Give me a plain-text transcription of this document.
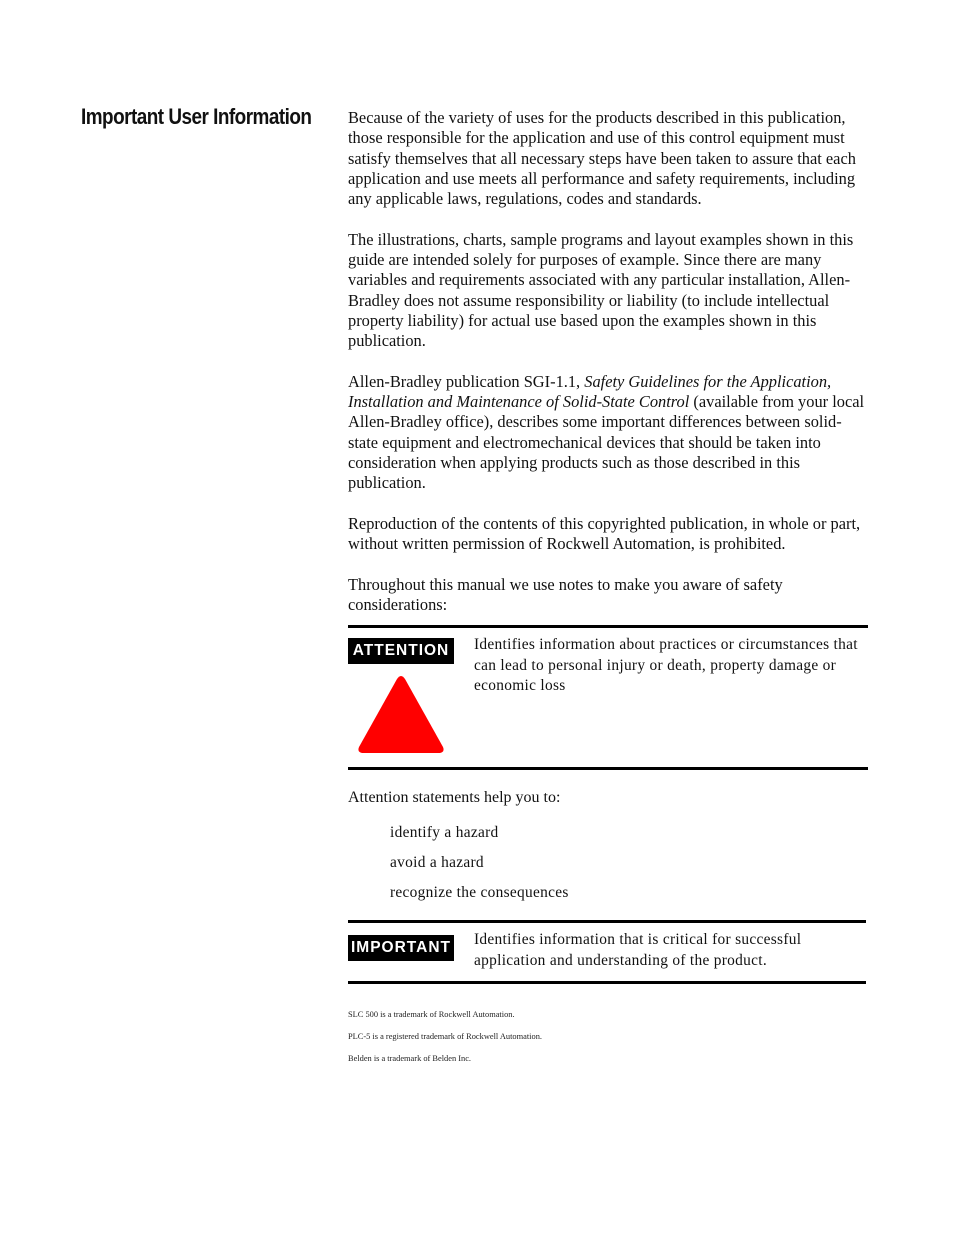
Important User Information Because of the variety of uses for the products described in this publication, those responsible for the application and use of this control equipment must satisfy themselves that all necessary steps have been taken to assure that each application and use meets all performance and safety requirements, including any applicable laws, regulations, codes and standards.

The illustrations, charts, sample programs and layout examples shown in this guide are intended solely for purposes of example. Since there are many variables and requirements associated with any particular installation, Allen-Bradley does not assume responsibility or liability (to include intellectual property liability) for actual use based upon the examples shown in this publication.

Allen-Bradley publication SGI-1.1, Safety Guidelines for the Application, Installation and Maintenance of Solid-State Control (available from your local Allen-Bradley office), describes some important differences between solid-state equipment and electromechanical devices that should be taken into consideration when applying products such as those described in this publication.

Reproduction of the contents of this copyrighted publication, in whole or part, without written permission of Rockwell Automation, is prohibited.

Throughout this manual we use notes to make you aware of safety considerations:

ATTENTION	Identifies information about practices or circumstances that can lead to personal injury or death, property damage or economic loss

Attention statements help you to:

identify a hazard
avoid a hazard
recognize the consequences
IMPORTANT Identifies information that is critical for successful application and understanding of the product.
SLC 500 is a trademark of Rockwell Automation.
PLC-5 is a registered trademark of Rockwell Automation.
Belden is a trademark of Belden Inc.
